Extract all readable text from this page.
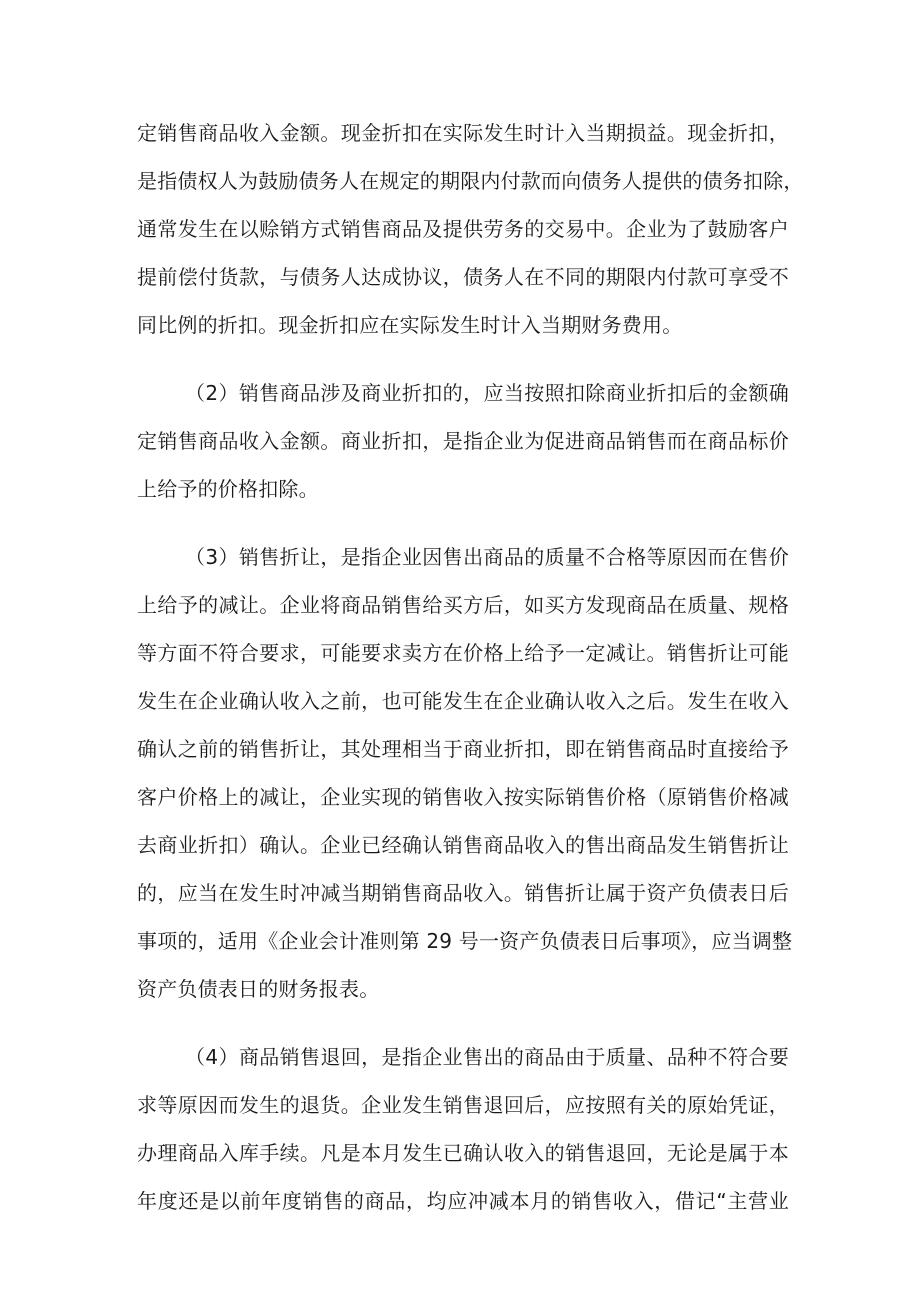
定销售商品收入金额。现金折扣在实际发生时计入当期损益。现金折扣，
是指债权人为鼓励债务人在规定的期限内付款而向债务人提供的债务扣除，
通常发生在以赊销方式销售商品及提供劳务的交易中。企业为了鼓励客户
提前偿付货款，与债务人达成协议，债务人在不同的期限内付款可享受不
同比例的折扣。现金折扣应在实际发生时计入当期财务费用。
（2）销售商品涉及商业折扣的，应当按照扣除商业折扣后的金额确
定销售商品收入金额。商业折扣，是指企业为促进商品销售而在商品标价
上给予的价格扣除。
（3）销售折让，是指企业因售出商品的质量不合格等原因而在售价
上给予的减让。企业将商品销售给买方后，如买方发现商品在质量、规格
等方面不符合要求，可能要求卖方在价格上给予一定减让。销售折让可能
发生在企业确认收入之前，也可能发生在企业确认收入之后。发生在收入
确认之前的销售折让，其处理相当于商业折扣，即在销售商品时直接给予
客户价格上的减让，企业实现的销售收入按实际销售价格（原销售价格减
去商业折扣）确认。企业已经确认销售商品收入的售出商品发生销售折让
的，应当在发生时冲减当期销售商品收入。销售折让属于资产负债表日后
事项的，适用《企业会计准则第 29 号一资产负债表日后事项》，应当调整
资产负债表日的财务报表。
（4）商品销售退回，是指企业售出的商品由于质量、品种不符合要
求等原因而发生的退货。企业发生销售退回后，应按照有关的原始凭证，
办理商品入库手续。凡是本月发生已确认收入的销售退回，无论是属于本
年度还是以前年度销售的商品，均应冲减本月的销售收入，借记“主营业
